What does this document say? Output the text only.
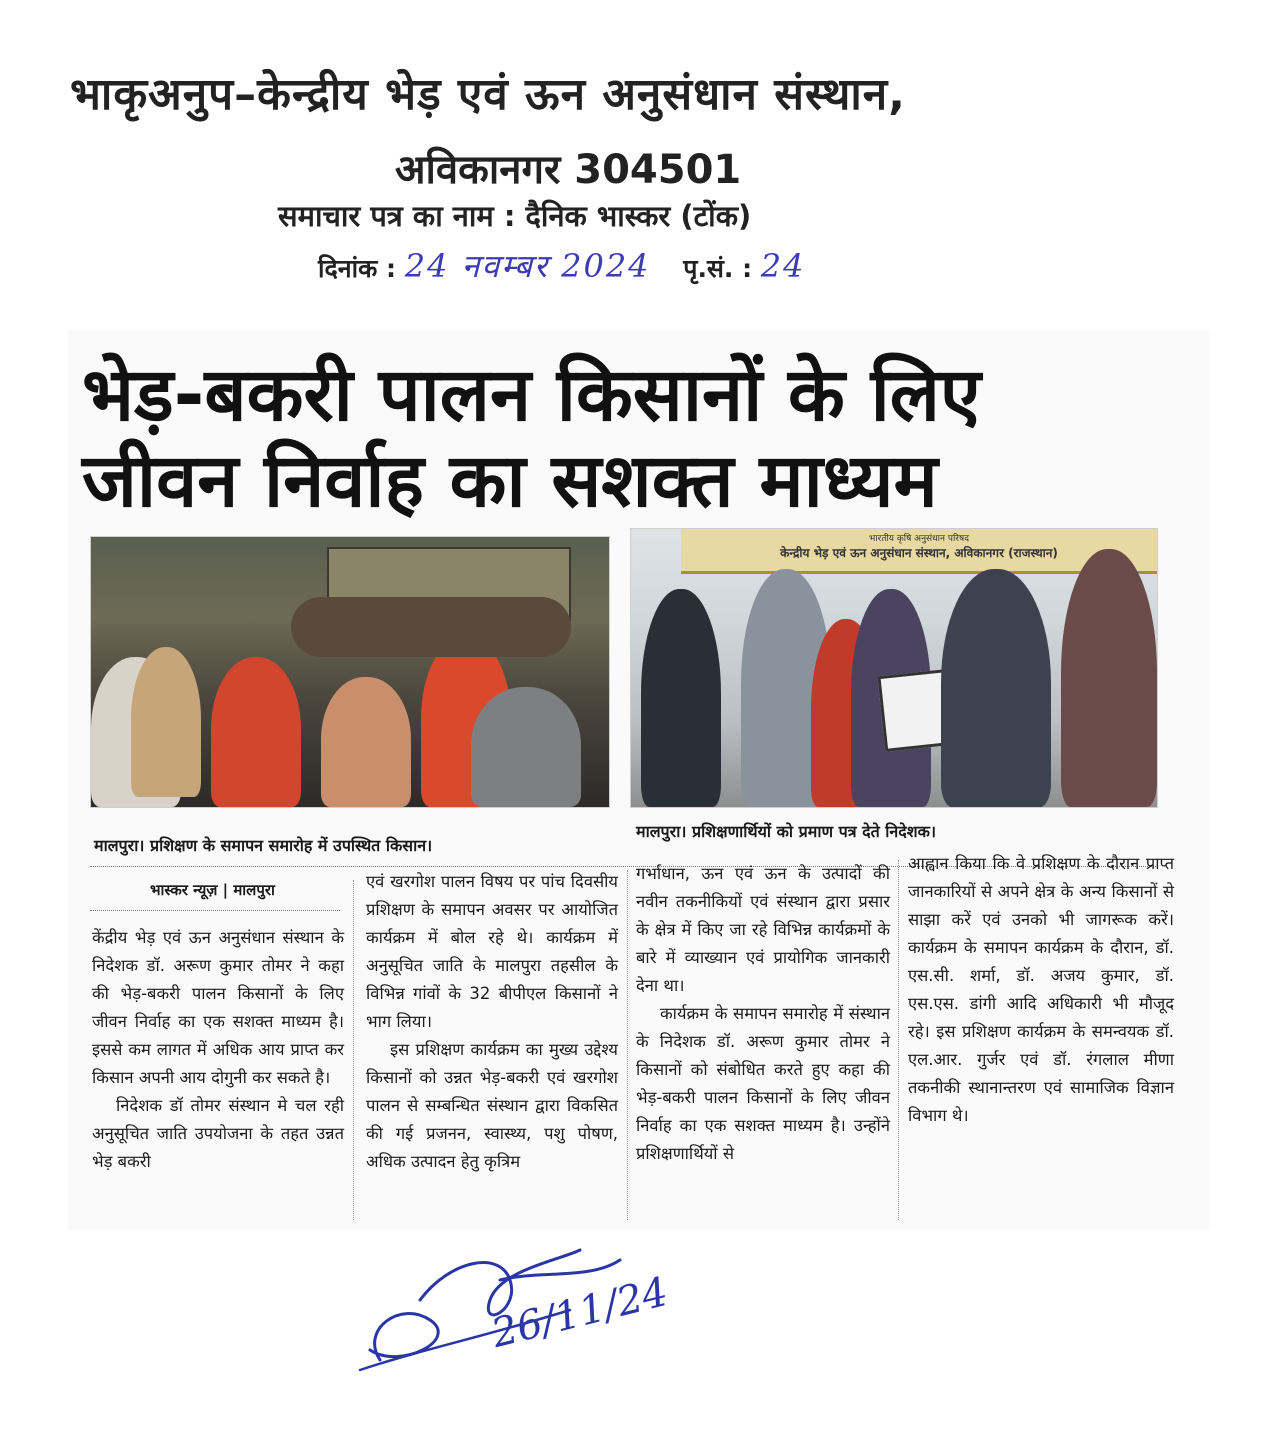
भाकृअनुप–केन्द्रीय भेड़ एवं ऊन अनुसंधान संस्थान,
अविकानगर 304501
समाचार पत्र का नाम : दैनिक भास्कर (टोंक)
दिनांक : 24 नवम्बर 2024 पृ.सं. : 24
भेड़-बकरी पालन किसानों के लिए
जीवन निर्वाह का सशक्त माध्यम
भारतीय कृषि अनुसंधान परिषद
केन्द्रीय भेड़ एवं ऊन अनुसंधान संस्थान, अविकानगर (राजस्थान)
मालपुरा। प्रशिक्षण के समापन समारोह में उपस्थित किसान।
मालपुरा। प्रशिक्षणार्थियों को प्रमाण पत्र देते निदेशक।
भास्कर न्यूज़ | मालपुरा

केंद्रीय भेड़ एवं ऊन अनुसंधान संस्थान के निदेशक डॉ. अरूण कुमार तोमर ने कहा की भेड़-बकरी पालन किसानों के लिए जीवन निर्वाह का एक सशक्त माध्यम है। इससे कम लागत में अधिक आय प्राप्त कर किसान अपनी आय दोगुनी कर सकते है।

निदेशक डॉ तोमर संस्थान मे चल रही अनुसूचित जाति उपयोजना के तहत उन्नत भेड़ बकरी

एवं खरगोश पालन विषय पर पांच दिवसीय प्रशिक्षण के समापन अवसर पर आयोजित कार्यक्रम में बोल रहे थे। कार्यक्रम में अनुसूचित जाति के मालपुरा तहसील के विभिन्न गांवों के 32 बीपीएल किसानों ने भाग लिया।

इस प्रशिक्षण कार्यक्रम का मुख्य उद्देश्य किसानों को उन्नत भेड़-बकरी एवं खरगोश पालन से सम्बन्धित संस्थान द्वारा विकसित की गई प्रजनन, स्वास्थ्य, पशु पोषण, अधिक उत्पादन हेतु कृत्रिम

गर्भाधान, ऊन एवं ऊन के उत्पादों की नवीन तकनीकियों एवं संस्थान द्वारा प्रसार के क्षेत्र में किए जा रहे विभिन्न कार्यक्रमों के बारे में व्याख्यान एवं प्रायोगिक जानकारी देना था।

कार्यक्रम के समापन समारोह में संस्थान के निदेशक डॉ. अरूण कुमार तोमर ने किसानों को संबोधित करते हुए कहा की भेड़-बकरी पालन किसानों के लिए जीवन निर्वाह का एक सशक्त माध्यम है। उन्होंने प्रशिक्षणार्थियों से

आह्वान किया कि वे प्रशिक्षण के दौरान प्राप्त जानकारियों से अपने क्षेत्र के अन्य किसानों से साझा करें एवं उनको भी जागरूक करें। कार्यक्रम के समापन कार्यक्रम के दौरान, डॉ. एस.सी. शर्मा, डॉ. अजय कुमार, डॉ. एस.एस. डांगी आदि अधिकारी भी मौजूद रहे। इस प्रशिक्षण कार्यक्रम के समन्वयक डॉ. एल.आर. गुर्जर एवं डॉ. रंगलाल मीणा तकनीकी स्थानान्तरण एवं सामाजिक विज्ञान विभाग थे।

26/11/24
